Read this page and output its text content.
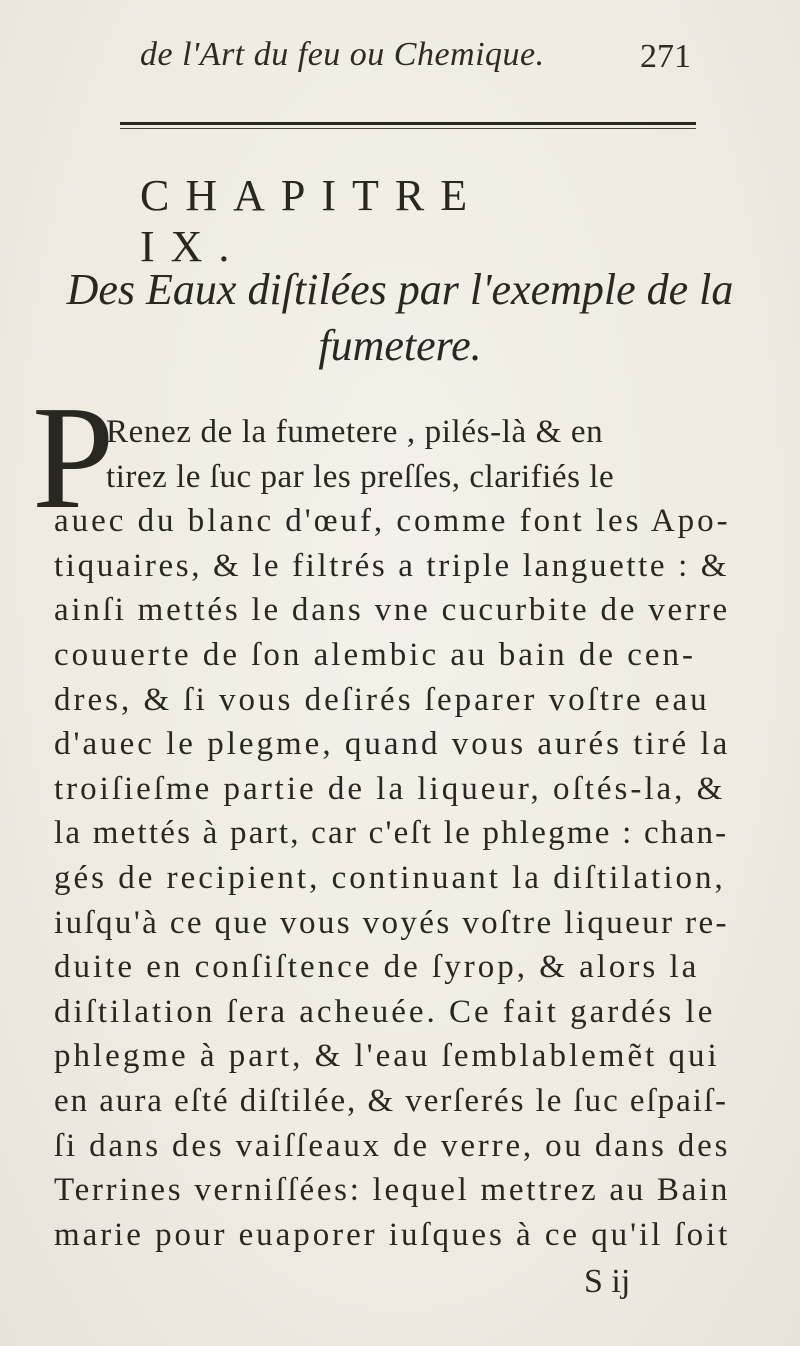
de l'Art du feu ou Chemique.	271
CHAPITRE IX.
Des Eaux diſtilées par l'exemple de la
fumetere.
P
Renez de la fumetere , pilés-là & en
tirez le ſuc par les preſſes, clarifiés le
auec du blanc d'œuf, comme font les Apo-
tiquaires, & le filtrés a triple languette : &
ainſi mettés le dans vne cucurbite de verre
couuerte de ſon alembic au bain de cen-
dres, & ſi vous deſirés ſeparer voſtre eau
d'auec le plegme, quand vous aurés tiré la
troiſieſme partie de la liqueur, oſtés-la, &
la mettés à part, car c'eſt le phlegme : chan-
gés de recipient, continuant la diſtilation,
iuſqu'à ce que vous voyés voſtre liqueur re-
duite en conſiſtence de ſyrop, & alors la
diſtilation ſera acheuée. Ce fait gardés le
phlegme à part, & l'eau ſemblablemẽt qui
en aura eſté diſtilée, & verſerés le ſuc eſpaiſ-
ſi dans des vaiſſeaux de verre, ou dans des
Terrines verniſſées: lequel mettrez au Bain
marie pour euaporer iuſques à ce qu'il ſoit
S ij
